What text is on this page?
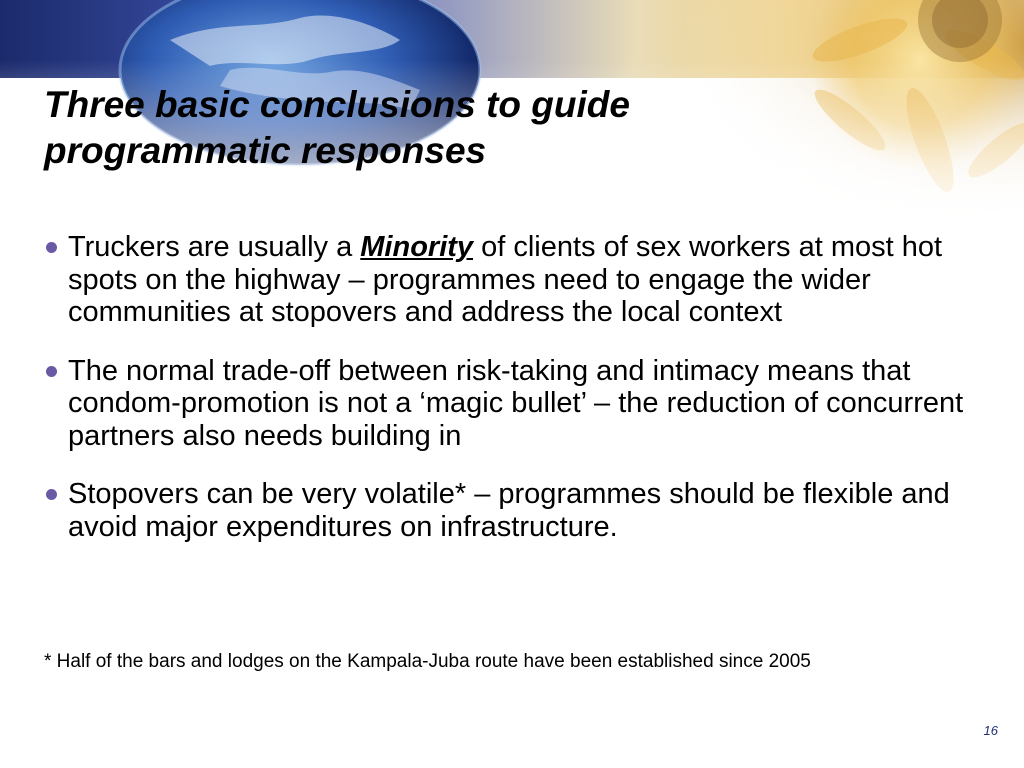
Three basic conclusions to guide
programmatic responses
Truckers are usually a Minority of clients of sex workers at most hot spots on the highway – programmes need to engage the wider communities at stopovers and address the local context
The normal trade-off between risk-taking and intimacy means that condom-promotion is not a ‘magic bullet’ – the reduction of concurrent partners also needs building in
Stopovers can be very volatile* – programmes should be flexible and avoid major expenditures on infrastructure.
* Half of the bars and lodges on the Kampala-Juba route have been established since 2005
16
